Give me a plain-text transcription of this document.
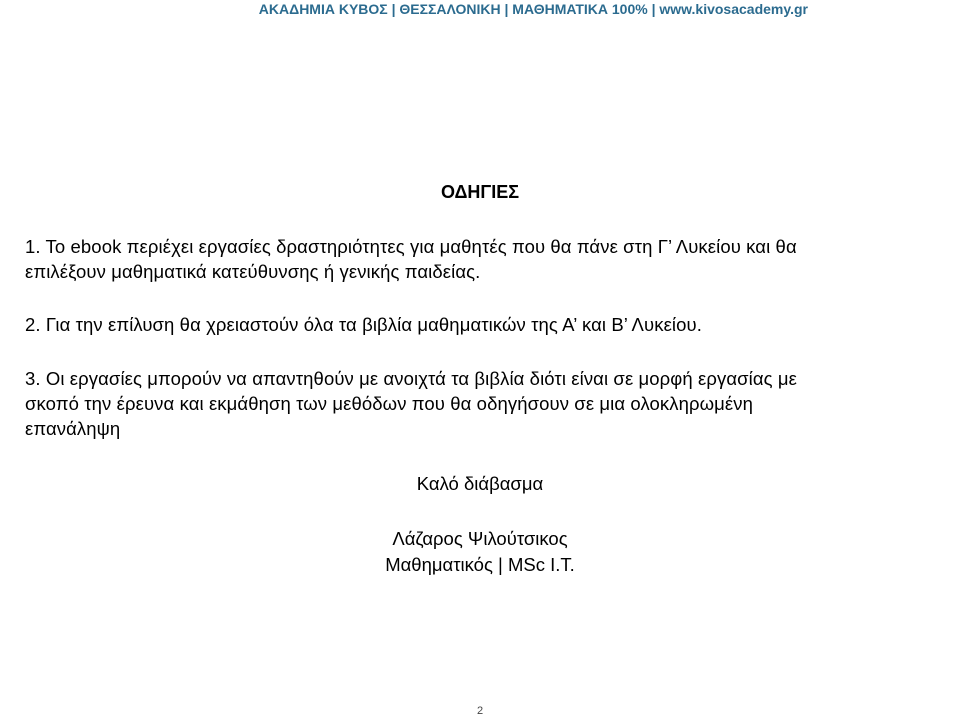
ΑΚΑΔΗΜΙΑ ΚΥΒΟΣ | ΘΕΣΣΑΛΟΝΙΚΗ | ΜΑΘΗΜΑΤΙΚΑ 100% | www.kivosacademy.gr
ΟΔΗΓΙΕΣ
1. Το ebook περιέχει εργασίες δραστηριότητες για μαθητές που θα πάνε στη Γ’ Λυκείου και θα
επιλέξουν μαθηματικά κατεύθυνσης ή γενικής παιδείας.
2. Για την επίλυση θα χρειαστούν όλα τα βιβλία μαθηματικών της Α’ και Β’ Λυκείου.
3. Οι εργασίες μπορούν να απαντηθούν με ανοιχτά τα βιβλία διότι είναι σε μορφή εργασίας με
σκοπό την έρευνα και εκμάθηση των μεθόδων που θα οδηγήσουν σε μια ολοκληρωμένη
επανάληψη
Καλό διάβασμα
Λάζαρος Ψιλούτσικος
Μαθηματικός | MSc I.T.
2
